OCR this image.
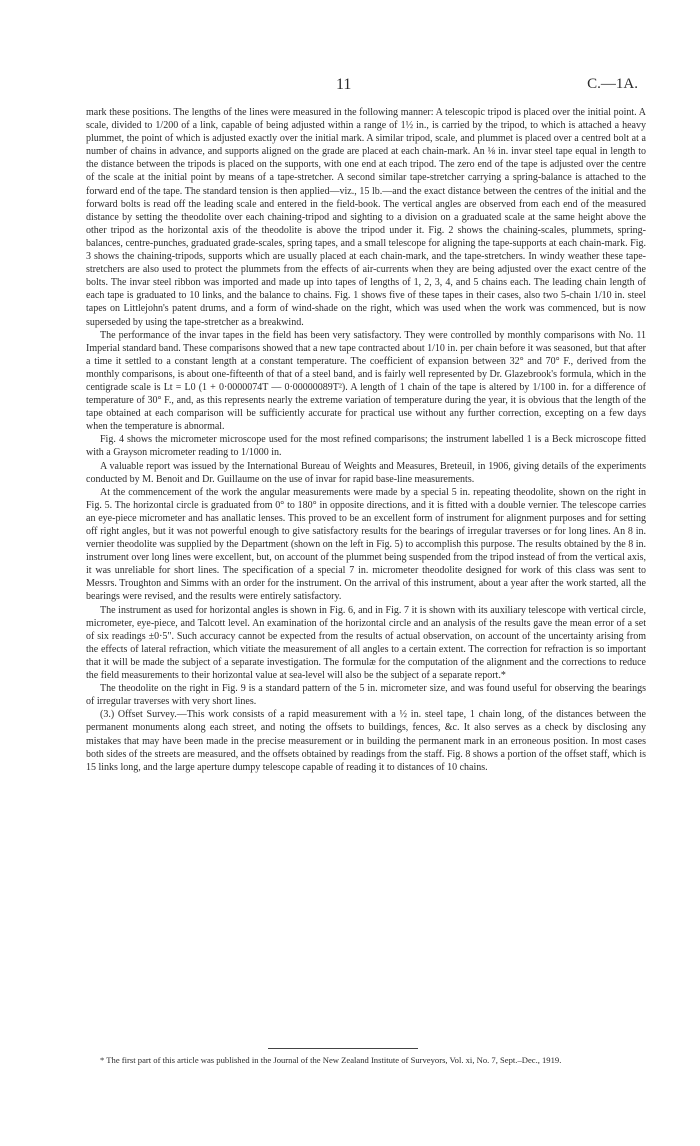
11	C.—1A.

mark these positions. The lengths of the lines were measured in the following manner: A telescopic tripod is placed over the initial point. A scale, divided to 1/200 of a link, capable of being adjusted within a range of 1½ in., is carried by the tripod, to which is attached a heavy plummet, the point of which is adjusted exactly over the initial mark. A similar tripod, scale, and plummet is placed over a centred bolt at a number of chains in advance, and supports aligned on the grade are placed at each chain-mark. An ⅛ in. invar steel tape equal in length to the distance between the tripods is placed on the supports, with one end at each tripod. The zero end of the tape is adjusted over the centre of the scale at the initial point by means of a tape-stretcher. A second similar tape-stretcher carrying a spring-balance is attached to the forward end of the tape. The standard tension is then applied—viz., 15 lb.—and the exact distance between the centres of the initial and the forward bolts is read off the leading scale and entered in the field-book. The vertical angles are observed from each end of the measured distance by setting the theodolite over each chaining-tripod and sighting to a division on a graduated scale at the same height above the other tripod as the horizontal axis of the theodolite is above the tripod under it. Fig. 2 shows the chaining-scales, plummets, spring-balances, centre-punches, graduated grade-scales, spring tapes, and a small telescope for aligning the tape-supports at each chain-mark. Fig. 3 shows the chaining-tripods, supports which are usually placed at each chain-mark, and the tape-stretchers. In windy weather these tape-stretchers are also used to protect the plummets from the effects of air-currents when they are being adjusted over the exact centre of the bolts. The invar steel ribbon was imported and made up into tapes of lengths of 1, 2, 3, 4, and 5 chains each. The leading chain length of each tape is graduated to 10 links, and the balance to chains. Fig. 1 shows five of these tapes in their cases, also two 5-chain 1/10 in. steel tapes on Littlejohn's patent drums, and a form of wind-shade on the right, which was used when the work was commenced, but is now superseded by using the tape-stretcher as a breakwind.

The performance of the invar tapes in the field has been very satisfactory. They were controlled by monthly comparisons with No. 11 Imperial standard band. These comparisons showed that a new tape contracted about 1/10 in. per chain before it was seasoned, but that after a time it settled to a constant length at a constant temperature. The coefficient of expansion between 32° and 70° F., derived from the monthly comparisons, is about one-fifteenth of that of a steel band, and is fairly well represented by Dr. Glazebrook's formula, which in the centigrade scale is Lt = L0 (1 + 0·0000074T — 0·00000089T²). A length of 1 chain of the tape is altered by 1/100 in. for a difference of temperature of 30° F., and, as this represents nearly the extreme variation of temperature during the year, it is obvious that the length of the tape obtained at each comparison will be sufficiently accurate for practical use without any further correction, excepting on a few days when the temperature is abnormal.

Fig. 4 shows the micrometer microscope used for the most refined comparisons; the instrument labelled 1 is a Beck microscope fitted with a Grayson micrometer reading to 1/1000 in.

A valuable report was issued by the International Bureau of Weights and Measures, Breteuil, in 1906, giving details of the experiments conducted by M. Benoit and Dr. Guillaume on the use of invar for rapid base-line measurements.

At the commencement of the work the angular measurements were made by a special 5 in. repeating theodolite, shown on the right in Fig. 5. The horizontal circle is graduated from 0° to 180° in opposite directions, and it is fitted with a double vernier. The telescope carries an eye-piece micrometer and has anallatic lenses. This proved to be an excellent form of instrument for alignment purposes and for setting off right angles, but it was not powerful enough to give satisfactory results for the bearings of irregular traverses or for long lines. An 8 in. vernier theodolite was supplied by the Department (shown on the left in Fig. 5) to accomplish this purpose. The results obtained by the 8 in. instrument over long lines were excellent, but, on account of the plummet being suspended from the tripod instead of from the vertical axis, it was unreliable for short lines. The specification of a special 7 in. micrometer theodolite designed for work of this class was sent to Messrs. Troughton and Simms with an order for the instrument. On the arrival of this instrument, about a year after the work started, all the bearings were revised, and the results were entirely satisfactory.

The instrument as used for horizontal angles is shown in Fig. 6, and in Fig. 7 it is shown with its auxiliary telescope with vertical circle, micrometer, eye-piece, and Talcott level. An examination of the horizontal circle and an analysis of the results gave the mean error of a set of six readings ±0·5". Such accuracy cannot be expected from the results of actual observation, on account of the uncertainty arising from the effects of lateral refraction, which vitiate the measurement of all angles to a certain extent. The correction for refraction is so important that it will be made the subject of a separate investigation. The formulæ for the computation of the alignment and the corrections to reduce the field measurements to their horizontal value at sea-level will also be the subject of a separate report.*

The theodolite on the right in Fig. 9 is a standard pattern of the 5 in. micrometer size, and was found useful for observing the bearings of irregular traverses with very short lines.

(3.) Offset Survey.—This work consists of a rapid measurement with a ½ in. steel tape, 1 chain long, of the distances between the permanent monuments along each street, and noting the offsets to buildings, fences, &c. It also serves as a check by disclosing any mistakes that may have been made in the precise measurement or in building the permanent mark in an erroneous position. In most cases both sides of the streets are measured, and the offsets obtained by readings from the staff. Fig. 8 shows a portion of the offset staff, which is 15 links long, and the large aperture dumpy telescope capable of reading it to distances of 10 chains.

* The first part of this article was published in the Journal of the New Zealand Institute of Surveyors, Vol. xi, No. 7, Sept.–Dec., 1919.
